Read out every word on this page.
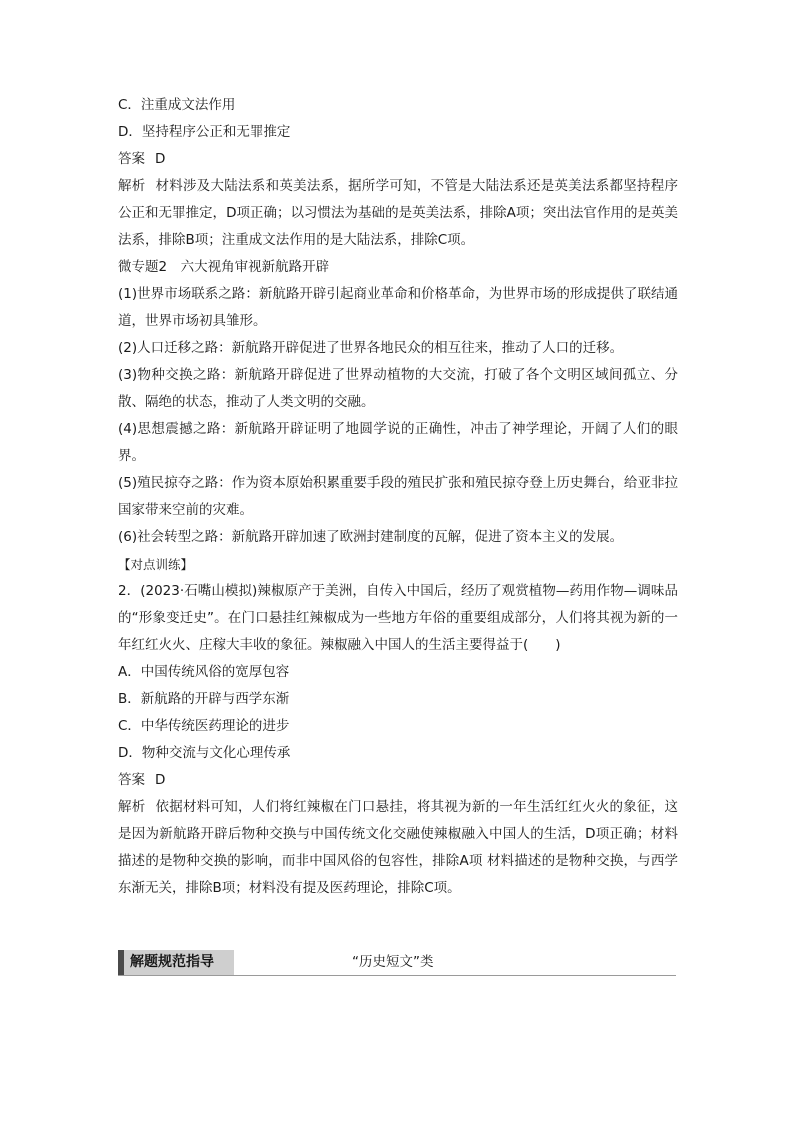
C．注重成文法作用
D．坚持程序公正和无罪推定
答案 D
解析 材料涉及大陆法系和英美法系，据所学可知，不管是大陆法系还是英美法系都坚持程序公正和无罪推定，D项正确；以习惯法为基础的是英美法系，排除A项；突出法官作用的是英美法系，排除B项；注重成文法作用的是大陆法系，排除C项。
微专题2　六大视角审视新航路开辟
(1)世界市场联系之路：新航路开辟引起商业革命和价格革命，为世界市场的形成提供了联结通道，世界市场初具雏形。
(2)人口迁移之路：新航路开辟促进了世界各地民众的相互往来，推动了人口的迁移。
(3)物种交换之路：新航路开辟促进了世界动植物的大交流，打破了各个文明区域间孤立、分散、隔绝的状态，推动了人类文明的交融。
(4)思想震撼之路：新航路开辟证明了地圆学说的正确性，冲击了神学理论，开阔了人们的眼界。
(5)殖民掠夺之路：作为资本原始积累重要手段的殖民扩张和殖民掠夺登上历史舞台，给亚非拉国家带来空前的灾难。
(6)社会转型之路：新航路开辟加速了欧洲封建制度的瓦解，促进了资本主义的发展。
【对点训练】
2．(2023·石嘴山模拟)辣椒原产于美洲，自传入中国后，经历了观赏植物—药用作物—调味品的“形象变迁史”。在门口悬挂红辣椒成为一些地方年俗的重要组成部分，人们将其视为新的一年红红火火、庄稼大丰收的象征。辣椒融入中国人的生活主要得益于(　　)
A．中国传统风俗的宽厚包容
B．新航路的开辟与西学东渐
C．中华传统医药理论的进步
D．物种交流与文化心理传承
答案 D
解析 依据材料可知，人们将红辣椒在门口悬挂，将其视为新的一年生活红红火火的象征，这是因为新航路开辟后物种交换与中国传统文化交融使辣椒融入中国人的生活，D项正确；材料描述的是物种交换的影响，而非中国风俗的包容性，排除A项 材料描述的是物种交换，与西学东渐无关，排除B项；材料没有提及医药理论，排除C项。
解题规范指导	“历史短文”类
